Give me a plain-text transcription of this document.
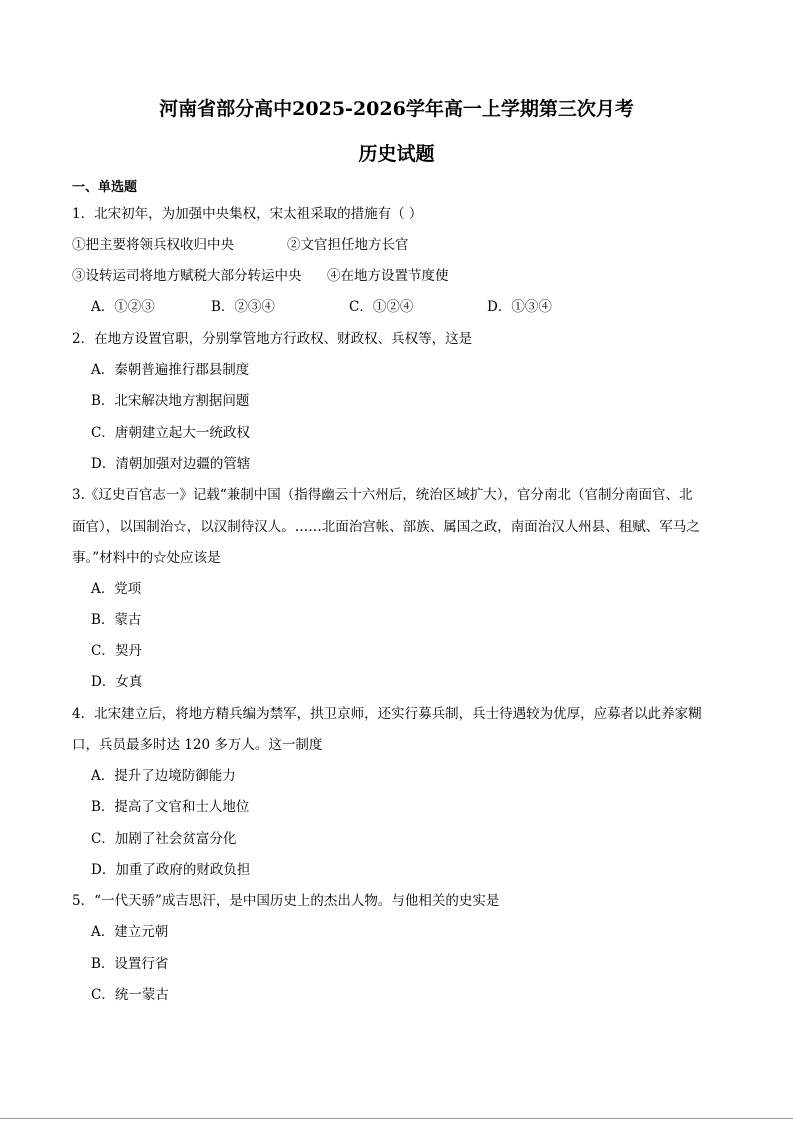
河南省部分高中2025-2026学年高一上学期第三次月考
历史试题
一、单选题
1．北宋初年，为加强中央集权，宋太祖采取的措施有（ ）
①把主要将领兵权收归中央	②文官担任地方长官
③设转运司将地方赋税大部分转运中央 ④在地方设置节度使
A．①②③	B．②③④	C．①②④	D．①③④
2．在地方设置官职，分别掌管地方行政权、财政权、兵权等，这是
A．秦朝普遍推行郡县制度
B．北宋解决地方割据问题
C．唐朝建立起大一统政权
D．清朝加强对边疆的管辖
3.《辽史百官志一》记载“兼制中国（指得幽云十六州后，统治区域扩大），官分南北（官制分南面官、北
面官），以国制治☆，以汉制待汉人。……北面治宫帐、部族、属国之政，南面治汉人州县、租赋、军马之
事。”材料中的☆处应该是
A．党项
B．蒙古
C．契丹
D．女真
4．北宋建立后，将地方精兵编为禁军，拱卫京师，还实行募兵制，兵士待遇较为优厚，应募者以此养家糊
口，兵员最多时达 120 多万人。这一制度
A．提升了边境防御能力
B．提高了文官和士人地位
C．加剧了社会贫富分化
D．加重了政府的财政负担
5．“一代天骄”成吉思汗，是中国历史上的杰出人物。与他相关的史实是
A．建立元朝
B．设置行省
C．统一蒙古
